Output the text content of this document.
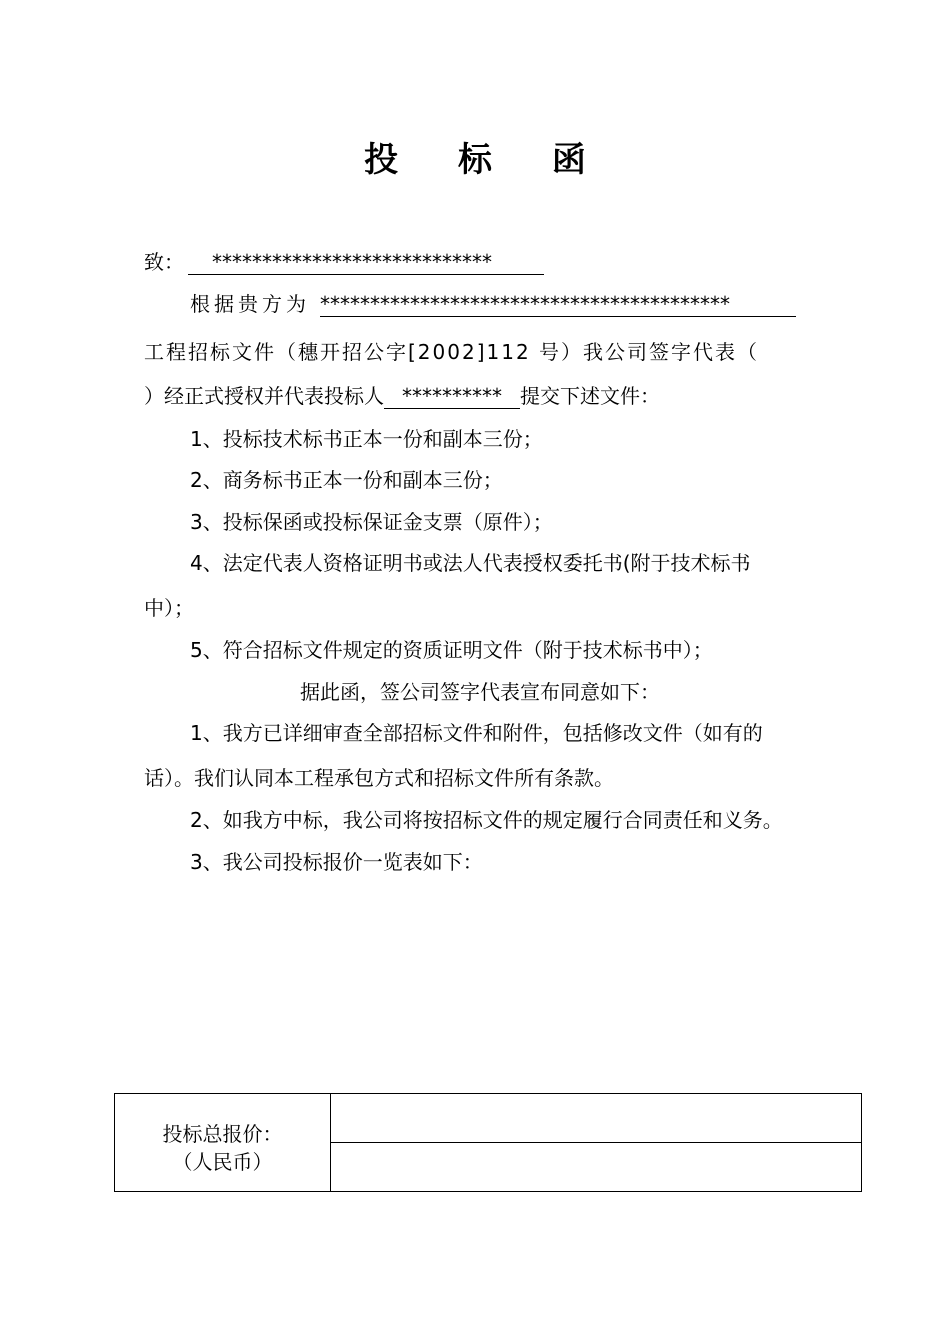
投 标 函
致： ****************************
根据贵方为 *****************************************
工程招标文件（穗开招公字[2002]112 号）我公司签字代表（
）经正式授权并代表投标人 ********** 提交下述文件：
1、投标技术标书正本一份和副本三份；
2、商务标书正本一份和副本三份；
3、投标保函或投标保证金支票（原件）；
4、法定代表人资格证明书或法人代表授权委托书(附于技术标书
中）；
5、符合招标文件规定的资质证明文件（附于技术标书中）；
据此函，签公司签字代表宣布同意如下：
1、我方已详细审查全部招标文件和附件，包括修改文件（如有的
话）。我们认同本工程承包方式和招标文件所有条款。
2、如我方中标，我公司将按招标文件的规定履行合同责任和义务。
3、我公司投标报价一览表如下：
投标总报价：
（人民币）
